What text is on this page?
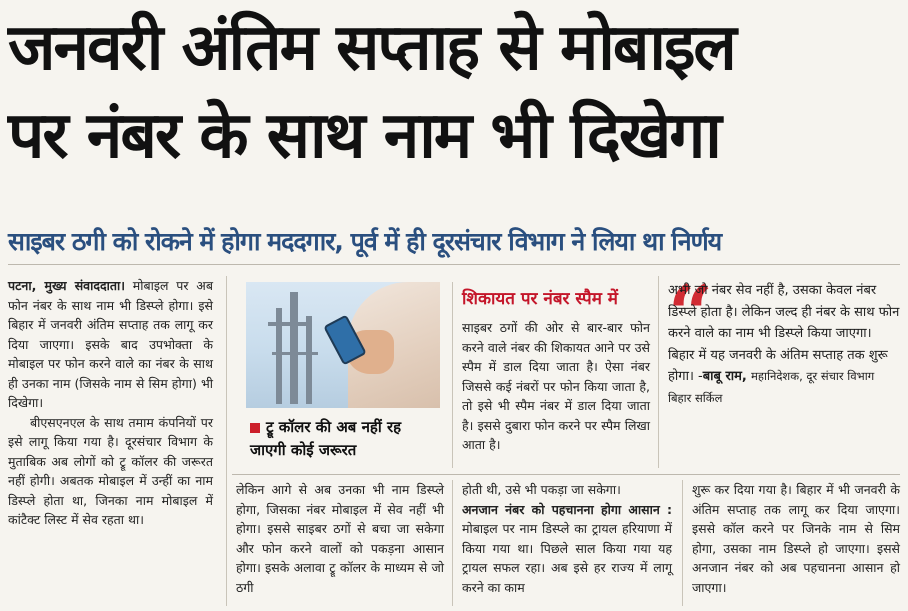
जनवरी अंतिम सप्ताह से मोबाइल
पर नंबर के साथ नाम भी दिखेगा
साइबर ठगी को रोकने में होगा मददगार, पूर्व में ही दूरसंचार विभाग ने लिया था निर्णय

पटना, मुख्य संवाददाता। मोबाइल पर अब फोन नंबर के साथ नाम भी डिस्प्ले होगा। इसे बिहार में जनवरी अंतिम सप्ताह तक लागू कर दिया जाएगा। इसके बाद उपभोक्ता के मोबाइल पर फोन करने वाले का नंबर के साथ ही उनका नाम (जिसके नाम से सिम होगा) भी दिखेगा।

बीएसएनएल के साथ तमाम कंपनियों पर इसे लागू किया गया है। दूरसंचार विभाग के मुताबिक अब लोगों को ट्रू कॉलर की जरूरत नहीं होगी। अबतक मोबाइल में उन्हीं का नाम डिस्प्ले होता था, जिनका नाम मोबाइल में कांटैक्ट लिस्ट में सेव रहता था।

ट्रू कॉलर की अब नहीं रह जाएगी कोई जरूरत
शिकायत पर नंबर स्पैम में

साइबर ठगों की ओर से बार-बार फोन करने वाले नंबर की शिकायत आने पर उसे स्पैम में डाल दिया जाता है। ऐसा नंबर जिससे कई नंबरों पर फोन किया जाता है, तो इसे भी स्पैम नंबर में डाल दिया जाता है। इससे दुबारा फोन करने पर स्पैम लिखा आता है।

“
अभी जो नंबर सेव नहीं है, उसका केवल नंबर डिस्प्ले होता है। लेकिन जल्द ही नंबर के साथ फोन करने वाले का नाम भी डिस्प्ले किया जाएगा। बिहार में यह जनवरी के अंतिम सप्ताह तक शुरू होगा। -बाबू राम, महानिदेशक, दूर संचार विभाग बिहार सर्किल

लेकिन आगे से अब उनका भी नाम डिस्प्ले होगा, जिसका नंबर मोबाइल में सेव नहीं भी होगा। इससे साइबर ठगों से बचा जा सकेगा और फोन करने वालों को पकड़ना आसान होगा। इसके अलावा ट्रू कॉलर के माध्यम से जो ठगी

होती थी, उसे भी पकड़ा जा सकेगा।

अनजान नंबर को पहचानना होगा आसान : मोबाइल पर नाम डिस्प्ले का ट्रायल हरियाणा में किया गया था। पिछले साल किया गया यह ट्रायल सफल रहा। अब इसे हर राज्य में लागू करने का काम

शुरू कर दिया गया है। बिहार में भी जनवरी के अंतिम सप्ताह तक लागू कर दिया जाएगा। इससे कॉल करने पर जिनके नाम से सिम होगा, उसका नाम डिस्प्ले हो जाएगा। इससे अनजान नंबर को अब पहचानना आसान हो जाएगा।
